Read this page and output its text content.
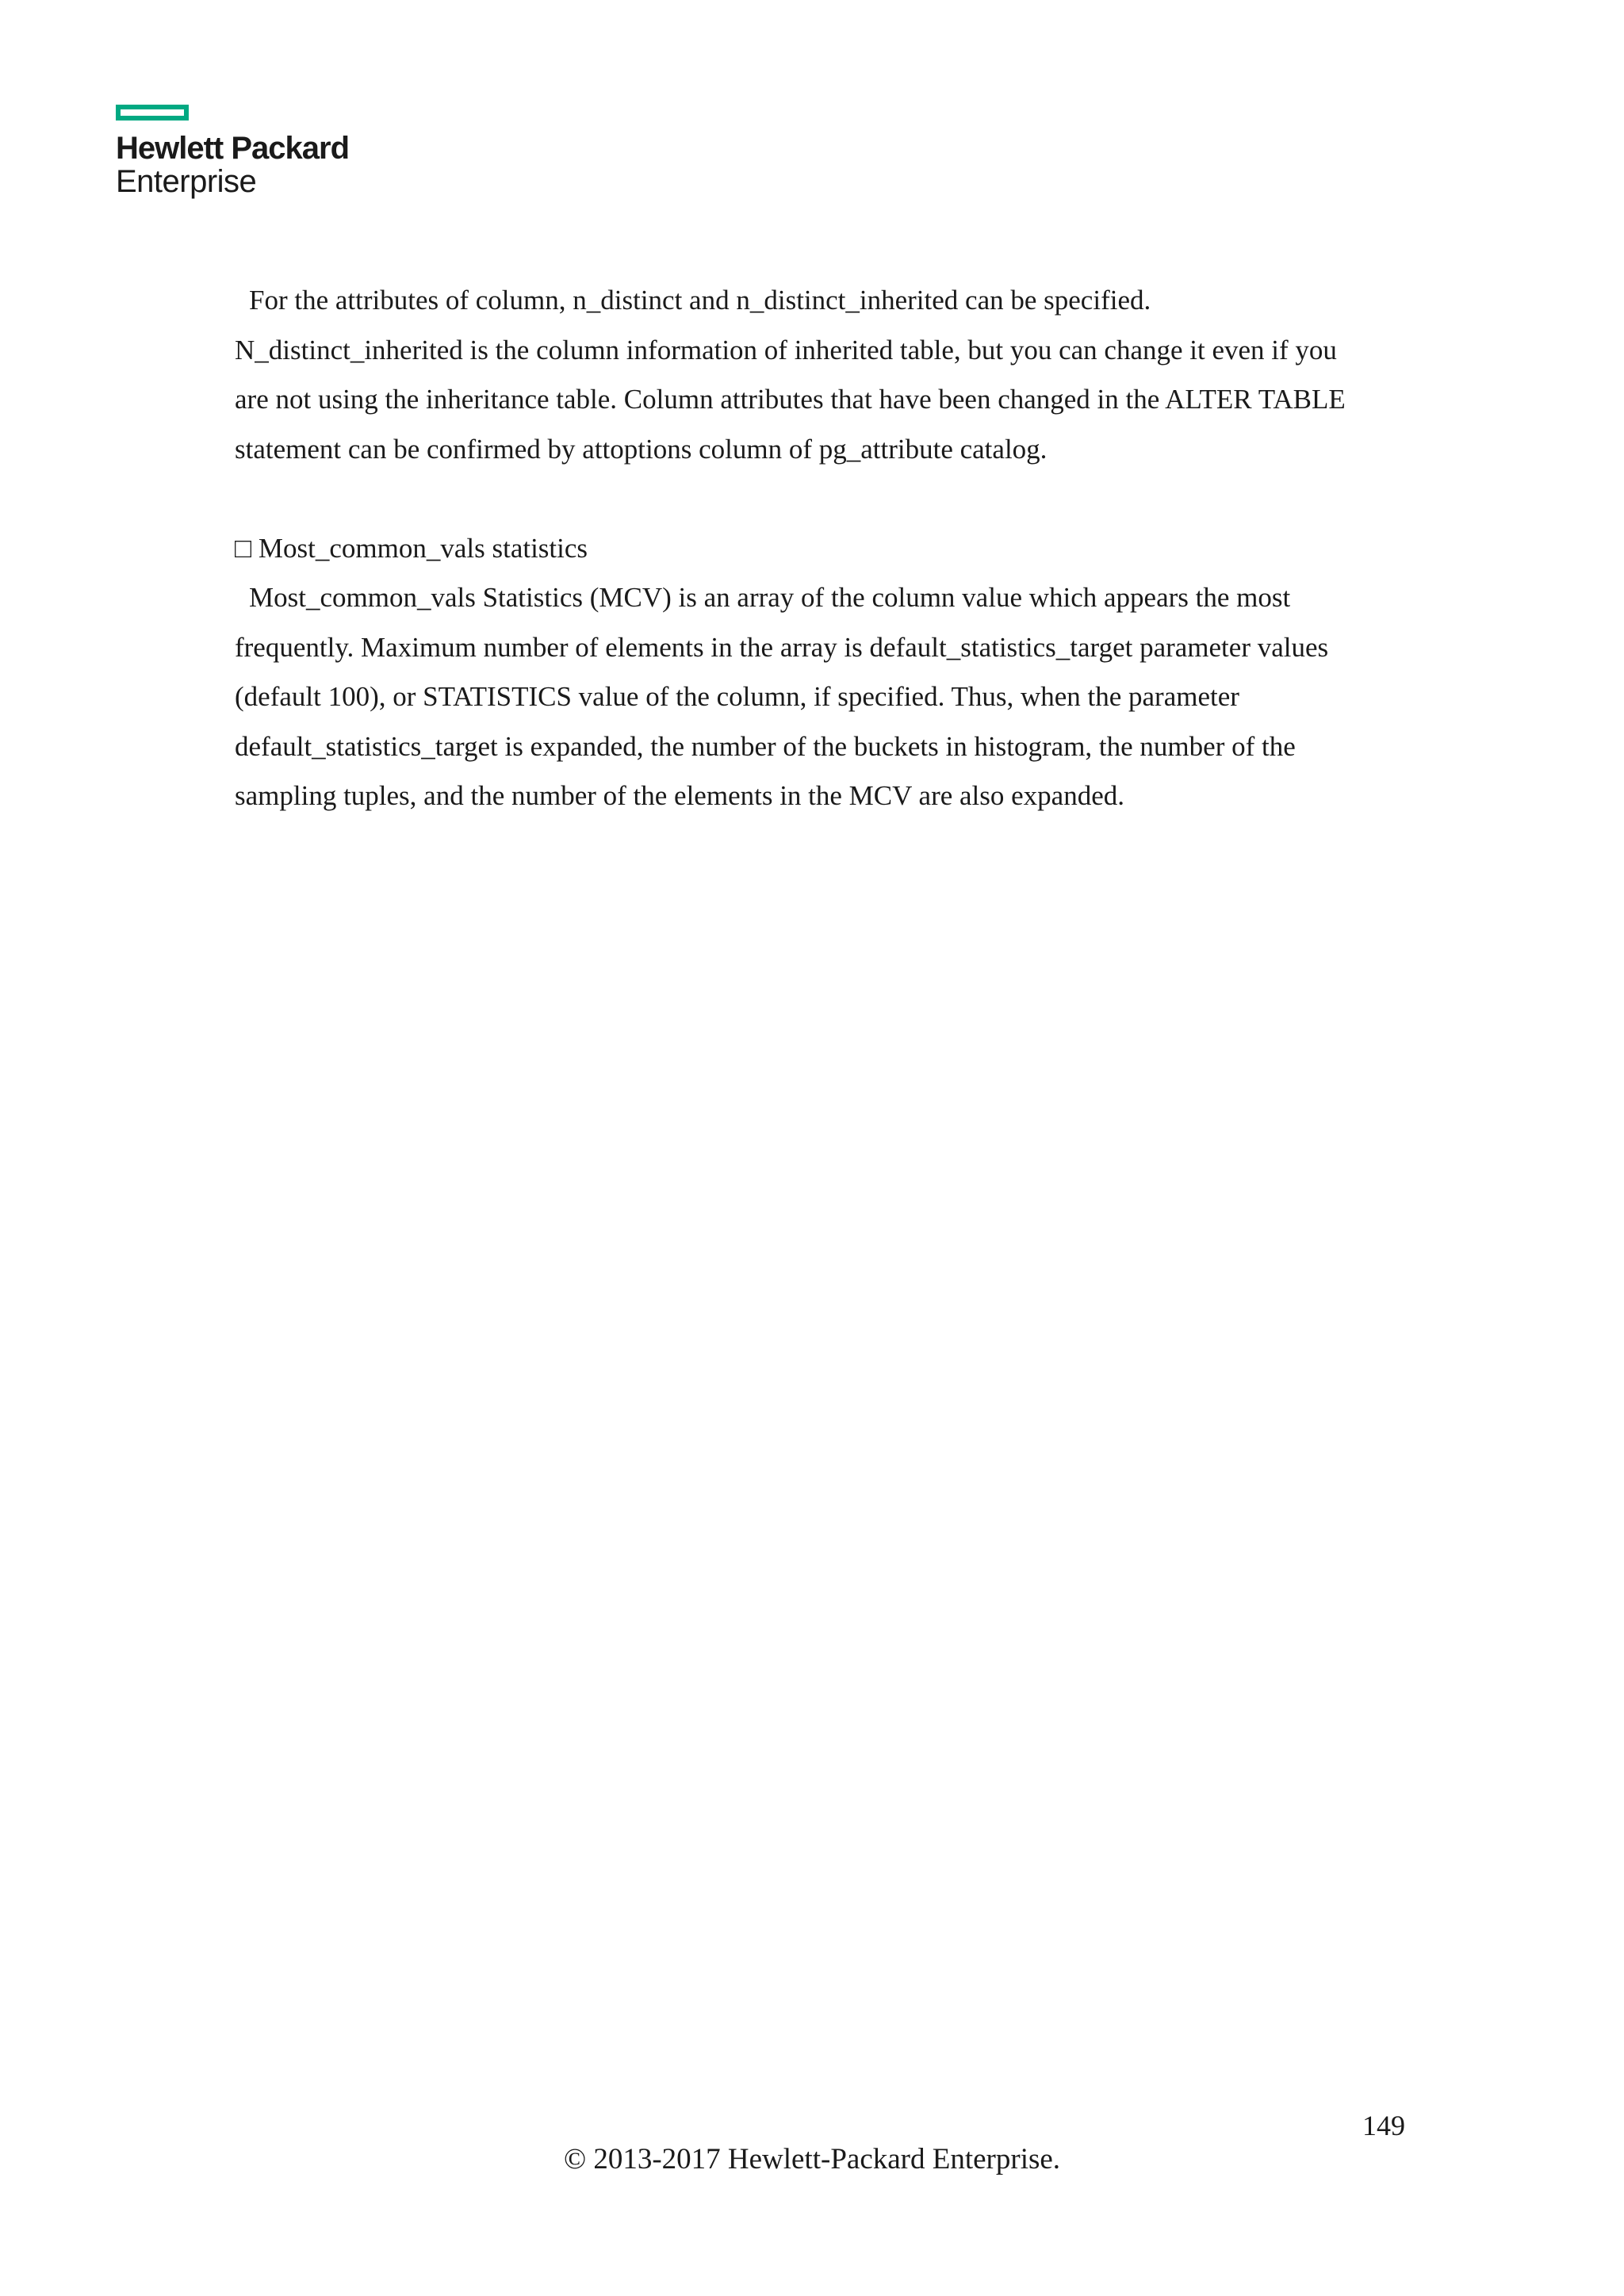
Hewlett Packard
Enterprise
For the attributes of column, n_distinct and n_distinct_inherited can be specified.
N_distinct_inherited is the column information of inherited table, but you can change it even if you
are not using the inheritance table. Column attributes that have been changed in the ALTER TABLE
statement can be confirmed by attoptions column of pg_attribute catalog.
□ Most_common_vals statistics
Most_common_vals Statistics (MCV) is an array of the column value which appears the most
frequently. Maximum number of elements in the array is default_statistics_target parameter values
(default 100), or STATISTICS value of the column, if specified. Thus, when the parameter
default_statistics_target is expanded, the number of the buckets in histogram, the number of the
sampling tuples, and the number of the elements in the MCV are also expanded.
149
© 2013-2017 Hewlett-Packard Enterprise.
